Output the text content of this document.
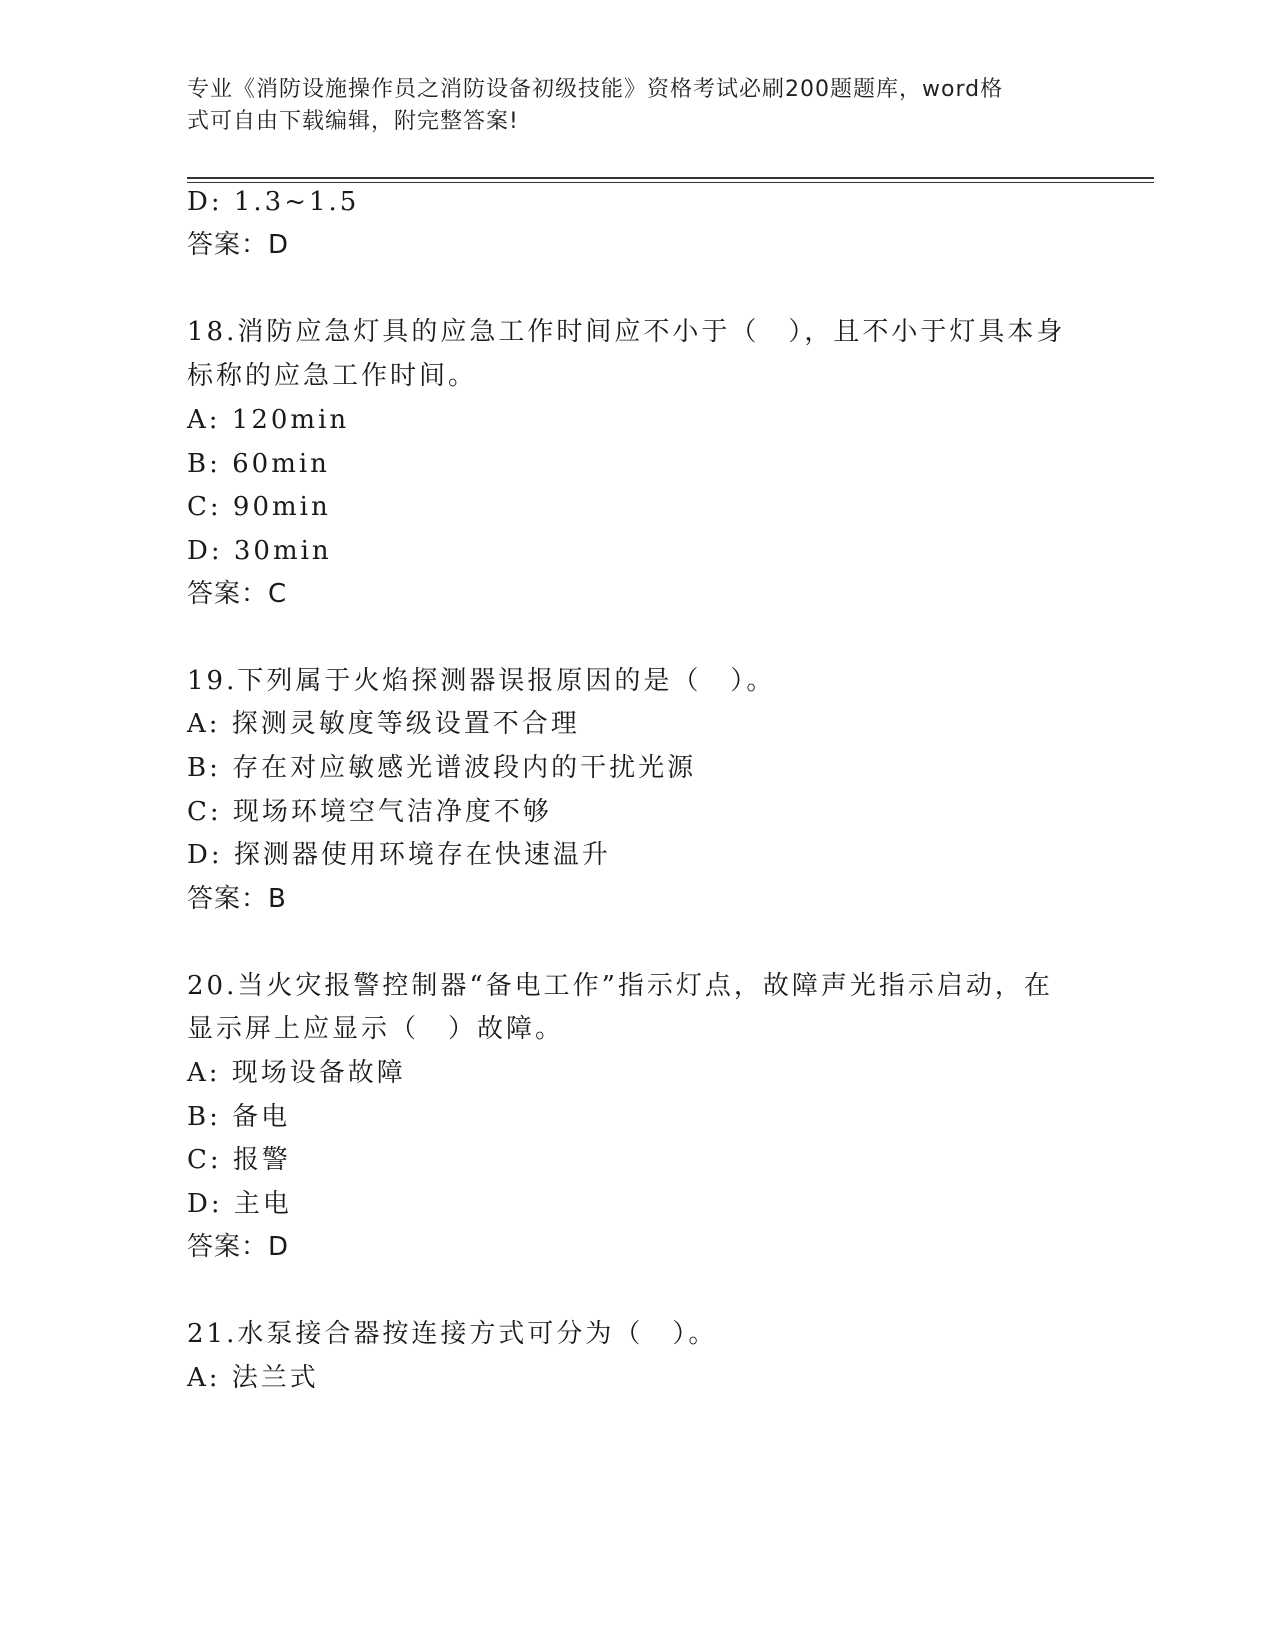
专业《消防设施操作员之消防设备初级技能》资格考试必刷200题题库，word格
式可自由下载编辑，附完整答案!
D: 1.3~1.5
答案：D
18.消防应急灯具的应急工作时间应不小于（　），且不小于灯具本身
标称的应急工作时间。
A: 120min
B: 60min
C: 90min
D: 30min
答案：C
19.下列属于火焰探测器误报原因的是（　）。
A: 探测灵敏度等级设置不合理
B: 存在对应敏感光谱波段内的干扰光源
C: 现场环境空气洁净度不够
D: 探测器使用环境存在快速温升
答案：B
20.当火灾报警控制器“备电工作”指示灯点，故障声光指示启动，在
显示屏上应显示（　）故障。
A: 现场设备故障
B: 备电
C: 报警
D: 主电
答案：D
21.水泵接合器按连接方式可分为（　）。
A: 法兰式
